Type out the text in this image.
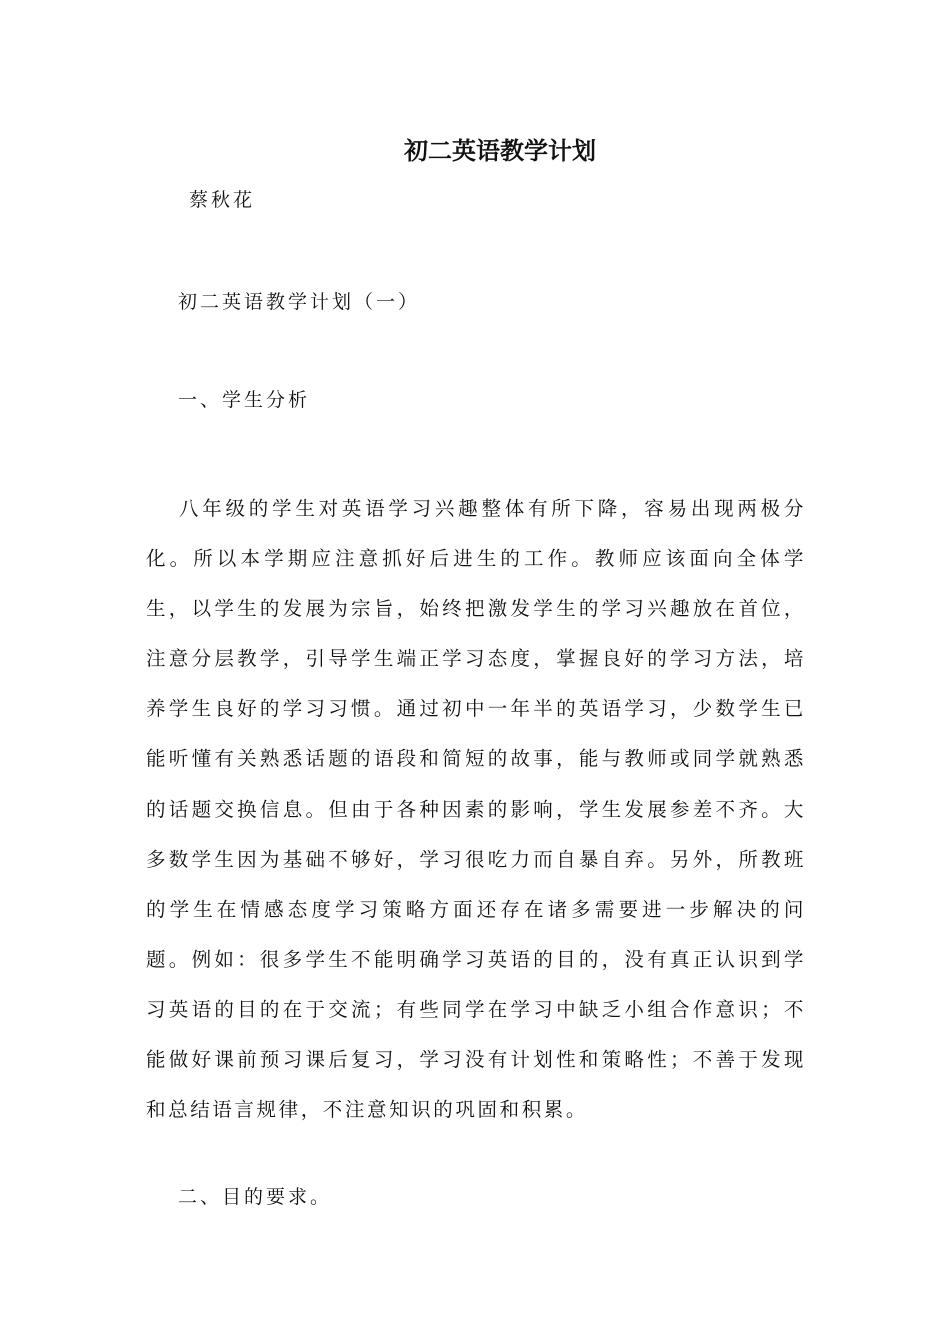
初二英语教学计划

蔡秋花

初二英语教学计划（一）

一、学生分析

八年级的学生对英语学习兴趣整体有所下降，容易出现两极分化。所以本学期应注意抓好后进生的工作。教师应该面向全体学生，以学生的发展为宗旨，始终把激发学生的学习兴趣放在首位，注意分层教学，引导学生端正学习态度，掌握良好的学习方法，培养学生良好的学习习惯。通过初中一年半的英语学习，少数学生已能听懂有关熟悉话题的语段和简短的故事，能与教师或同学就熟悉的话题交换信息。但由于各种因素的影响，学生发展参差不齐。大多数学生因为基础不够好，学习很吃力而自暴自弃。另外，所教班的学生在情感态度学习策略方面还存在诸多需要进一步解决的问题。例如：很多学生不能明确学习英语的目的，没有真正认识到学习英语的目的在于交流；有些同学在学习中缺乏小组合作意识；不能做好课前预习课后复习，学习没有计划性和策略性；不善于发现和总结语言规律，不注意知识的巩固和积累。

二、目的要求。
